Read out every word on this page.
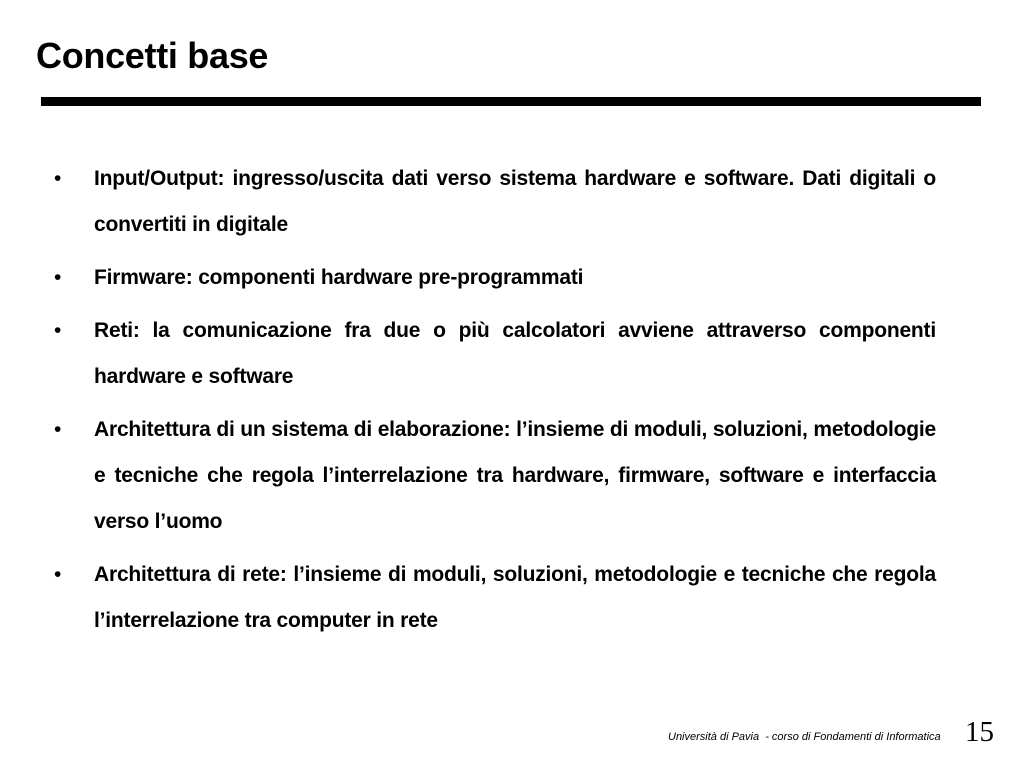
Concetti base
• Input/Output: ingresso/uscita dati verso sistema hardware e software. Dati digitali o convertiti in digitale
• Firmware: componenti hardware pre-programmati
• Reti: la comunicazione fra due o più calcolatori avviene attraverso componenti hardware e software
• Architettura di un sistema di elaborazione: l’insieme di moduli, soluzioni, metodologie e tecniche che regola l’interrelazione tra hardware, firmware, software e interfaccia verso l’uomo
• Architettura di rete: l’insieme di moduli, soluzioni, metodologie e tecniche che regola l’interrelazione tra computer in rete
Università di Pavia  - corso di Fondamenti di Informatica 15
